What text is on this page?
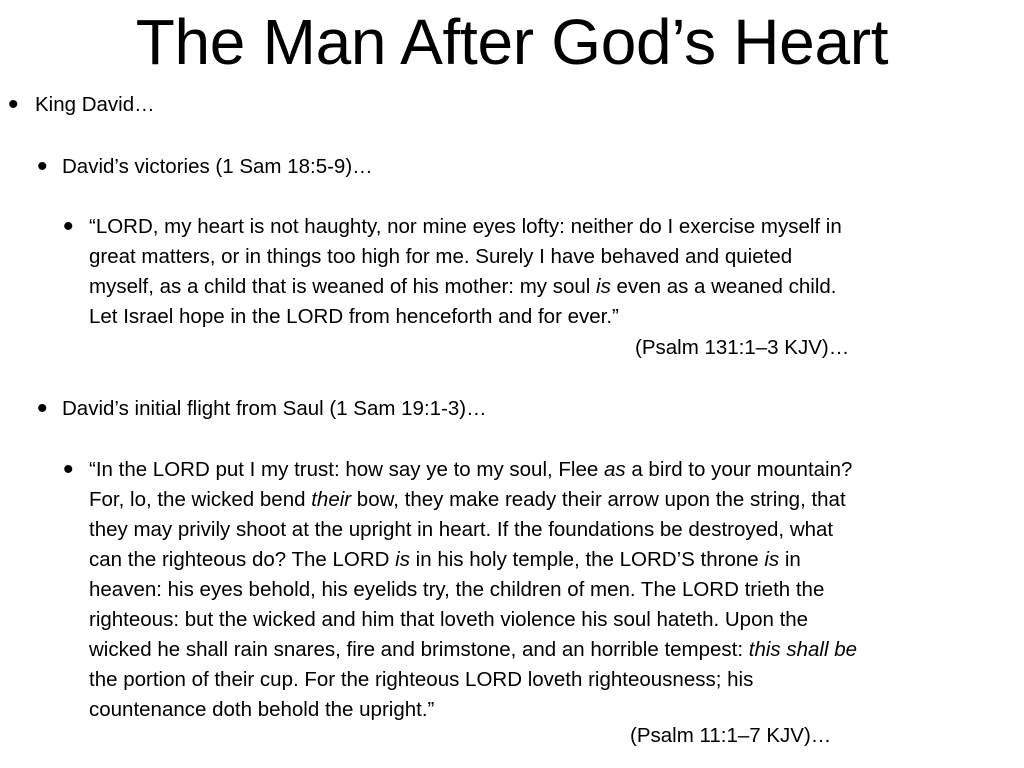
The Man After God’s Heart
• King David…
• David’s victories (1 Sam 18:5-9)…
• “LORD, my heart is not haughty, nor mine eyes lofty: neither do I exercise myself in
great matters, or in things too high for me. Surely I have behaved and quieted
myself, as a child that is weaned of his mother: my soul is even as a weaned child.
Let Israel hope in the LORD from henceforth and for ever.”
(Psalm 131:1–3 KJV)…
• David’s initial flight from Saul (1 Sam 19:1-3)…
• “In the LORD put I my trust: how say ye to my soul, Flee as a bird to your mountain?
For, lo, the wicked bend their bow, they make ready their arrow upon the string, that
they may privily shoot at the upright in heart. If the foundations be destroyed, what
can the righteous do? The LORD is in his holy temple, the LORD’S throne is in
heaven: his eyes behold, his eyelids try, the children of men. The LORD trieth the
righteous: but the wicked and him that loveth violence his soul hateth. Upon the
wicked he shall rain snares, fire and brimstone, and an horrible tempest: this shall be
the portion of their cup. For the righteous LORD loveth righteousness; his
countenance doth behold the upright.”
(Psalm 11:1–7 KJV)…
